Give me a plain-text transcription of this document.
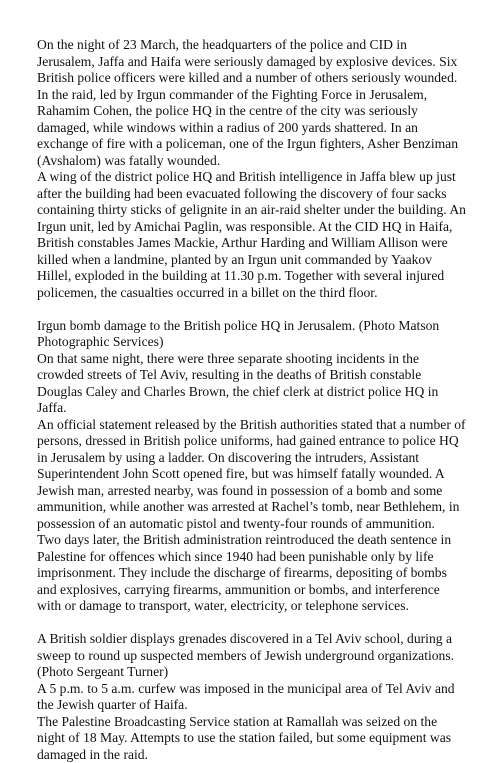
On the night of 23 March, the headquarters of the police and CID in Jerusalem, Jaffa and Haifa were seriously damaged by explosive devices. Six British police officers were killed and a number of others seriously wounded. In the raid, led by Irgun commander of the Fighting Force in Jerusalem, Rahamim Cohen, the police HQ in the centre of the city was seriously damaged, while windows within a radius of 200 yards shattered. In an exchange of fire with a policeman, one of the Irgun fighters, Asher Benziman (Avshalom) was fatally wounded.

A wing of the district police HQ and British intelligence in Jaffa blew up just after the building had been evacuated following the discovery of four sacks containing thirty sticks of gelignite in an air-raid shelter under the building. An Irgun unit, led by Amichai Paglin, was responsible. At the CID HQ in Haifa, British constables James Mackie, Arthur Harding and William Allison were killed when a landmine, planted by an Irgun unit commanded by Yaakov Hillel, exploded in the building at 11.30 p.m. Together with several injured policemen, the casualties occurred in a billet on the third floor.

Irgun bomb damage to the British police HQ in Jerusalem. (Photo Matson Photographic Services)

On that same night, there were three separate shooting incidents in the crowded streets of Tel Aviv, resulting in the deaths of British constable Douglas Caley and Charles Brown, the chief clerk at district police HQ in Jaffa.

An official statement released by the British authorities stated that a number of persons, dressed in British police uniforms, had gained entrance to police HQ in Jerusalem by using a ladder. On discovering the intruders, Assistant Superintendent John Scott opened fire, but was himself fatally wounded. A Jewish man, arrested nearby, was found in possession of a bomb and some ammunition, while another was arrested at Rachel’s tomb, near Bethlehem, in possession of an automatic pistol and twenty-four rounds of ammunition.

Two days later, the British administration reintroduced the death sentence in Palestine for offences which since 1940 had been punishable only by life imprisonment. They include the discharge of firearms, depositing of bombs and explosives, carrying firearms, ammunition or bombs, and interference with or damage to transport, water, electricity, or telephone services.

A British soldier displays grenades discovered in a Tel Aviv school, during a sweep to round up suspected members of Jewish underground organizations.

(Photo Sergeant Turner)

A 5 p.m. to 5 a.m. curfew was imposed in the municipal area of Tel Aviv and the Jewish quarter of Haifa.

The Palestine Broadcasting Service station at Ramallah was seized on the night of 18 May. Attempts to use the station failed, but some equipment was damaged in the raid.
